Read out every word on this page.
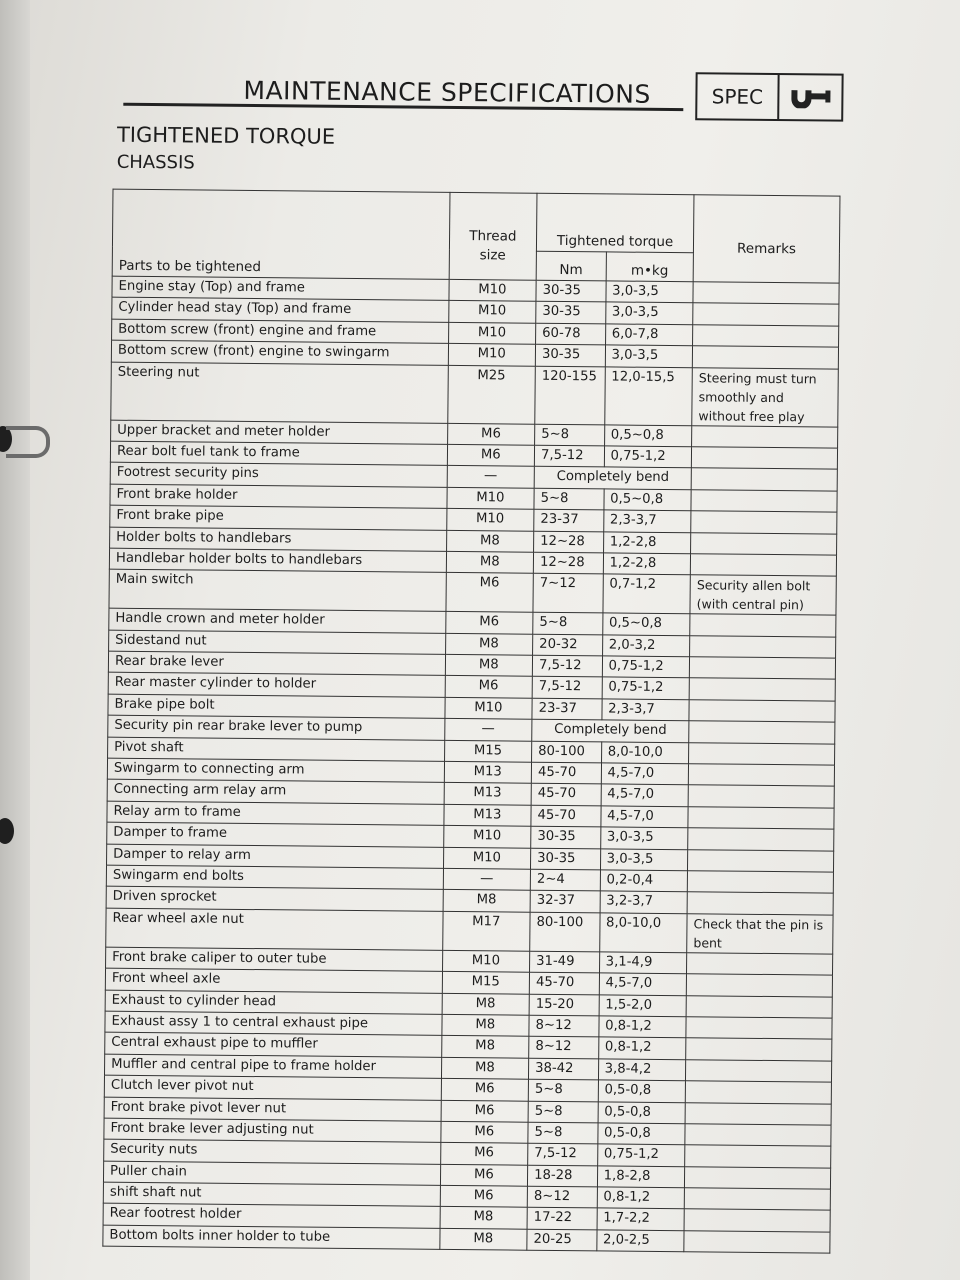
MAINTENANCE SPECIFICATIONS	SPEC
TIGHTENED TORQUE
CHASSIS
Parts to be tightened	Thread size	Tightened torque		Remarks
		Nm	m•kg	
Engine stay (Top) and frame	M10	30-35	3,0-3,5	
Cylinder head stay (Top) and frame	M10	30-35	3,0-3,5	
Bottom screw (front) engine and frame	M10	60-78	6,0-7,8	
Bottom screw (front) engine to swingarm	M10	30-35	3,0-3,5	
Steering nut	M25	120-155	12,0-15,5	Steering must turn smoothly and without free play
Upper bracket and meter holder	M6	5~8	0,5~0,8	
Rear bolt fuel tank to frame	M6	7,5-12	0,75-1,2	
Footrest security pins	—	Completely bend		
Front brake holder	M10	5~8	0,5~0,8	
Front brake pipe	M10	23-37	2,3-3,7	
Holder bolts to handlebars	M8	12~28	1,2-2,8	
Handlebar holder bolts to handlebars	M8	12~28	1,2-2,8	
Main switch	M6	7~12	0,7-1,2	Security allen bolt (with central pin)
Handle crown and meter holder	M6	5~8	0,5~0,8	
Sidestand nut	M8	20-32	2,0-3,2	
Rear brake lever	M8	7,5-12	0,75-1,2	
Rear master cylinder to holder	M6	7,5-12	0,75-1,2	
Brake pipe bolt	M10	23-37	2,3-3,7	
Security pin rear brake lever to pump	—	Completely bend		
Pivot shaft	M15	80-100	8,0-10,0	
Swingarm to connecting arm	M13	45-70	4,5-7,0	
Connecting arm relay arm	M13	45-70	4,5-7,0	
Relay arm to frame	M13	45-70	4,5-7,0	
Damper to frame	M10	30-35	3,0-3,5	
Damper to relay arm	M10	30-35	3,0-3,5	
Swingarm end bolts	—	2~4	0,2-0,4	
Driven sprocket	M8	32-37	3,2-3,7	
Rear wheel axle nut	M17	80-100	8,0-10,0	Check that the pin is bent
Front brake caliper to outer tube	M10	31-49	3,1-4,9	
Front wheel axle	M15	45-70	4,5-7,0	
Exhaust to cylinder head	M8	15-20	1,5-2,0	
Exhaust assy 1 to central exhaust pipe	M8	8~12	0,8-1,2	
Central exhaust pipe to muffler	M8	8~12	0,8-1,2	
Muffler and central pipe to frame holder	M8	38-42	3,8-4,2	
Clutch lever pivot nut	M6	5~8	0,5-0,8	
Front brake pivot lever nut	M6	5~8	0,5-0,8	
Front brake lever adjusting nut	M6	5~8	0,5-0,8	
Security nuts	M6	7,5-12	0,75-1,2	
Puller chain	M6	18-28	1,8-2,8	
shift shaft nut	M6	8~12	0,8-1,2	
Rear footrest holder	M8	17-22	1,7-2,2	
Bottom bolts inner holder to tube	M8	20-25	2,0-2,5	
